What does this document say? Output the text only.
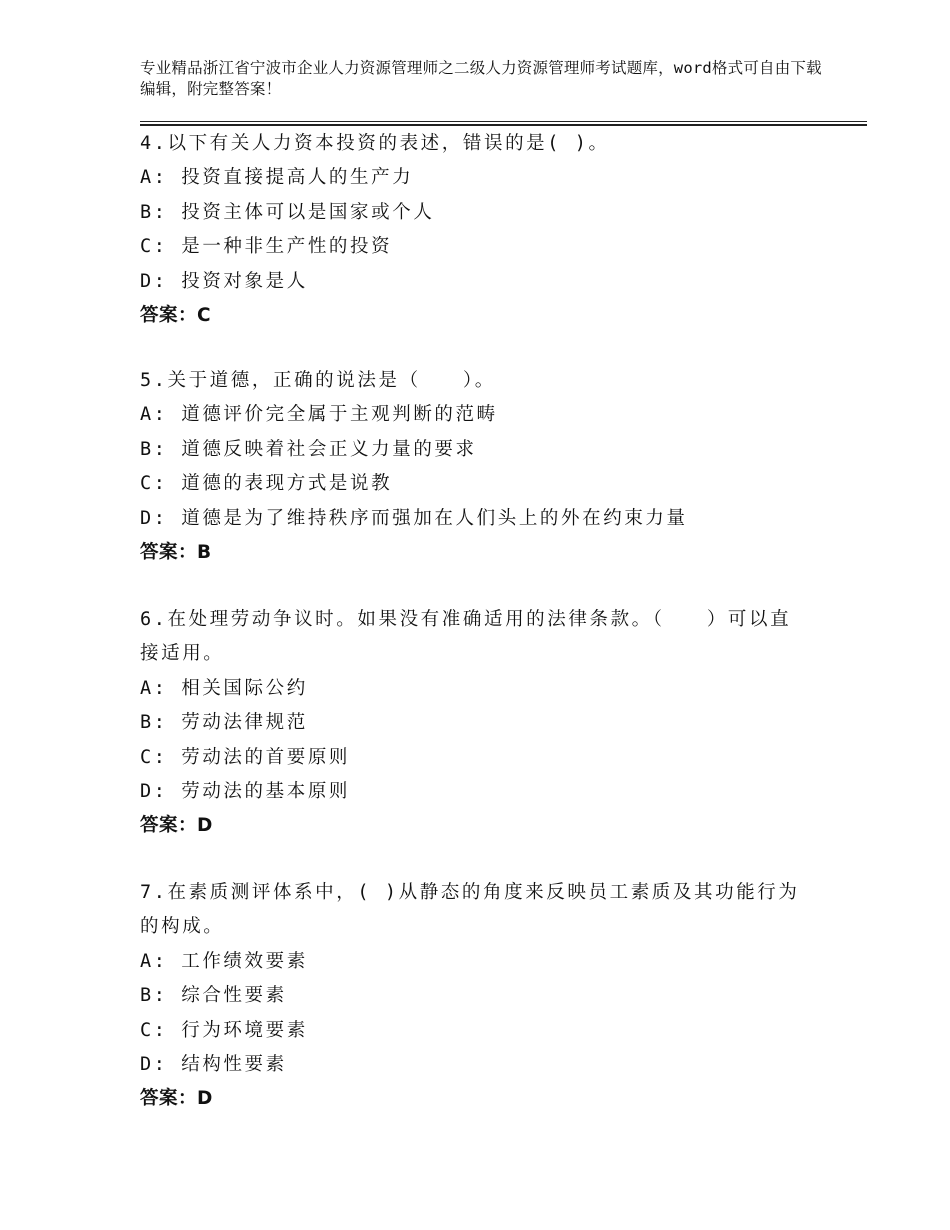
专业精品浙江省宁波市企业人力资源管理师之二级人力资源管理师考试题库，word格式可自由下载编辑，附完整答案！
4.以下有关人力资本投资的表述，错误的是( )。
A: 投资直接提高人的生产力
B: 投资主体可以是国家或个人
C: 是一种非生产性的投资
D: 投资对象是人
答案：C
5.关于道德，正确的说法是（　　）。
A: 道德评价完全属于主观判断的范畴
B: 道德反映着社会正义力量的要求
C: 道德的表现方式是说教
D: 道德是为了维持秩序而强加在人们头上的外在约束力量
答案：B
6.在处理劳动争议时。如果没有准确适用的法律条款。（　　）可以直接适用。
A: 相关国际公约
B: 劳动法律规范
C: 劳动法的首要原则
D: 劳动法的基本原则
答案：D
7.在素质测评体系中，( )从静态的角度来反映员工素质及其功能行为的构成。
A: 工作绩效要素
B: 综合性要素
C: 行为环境要素
D: 结构性要素
答案：D
